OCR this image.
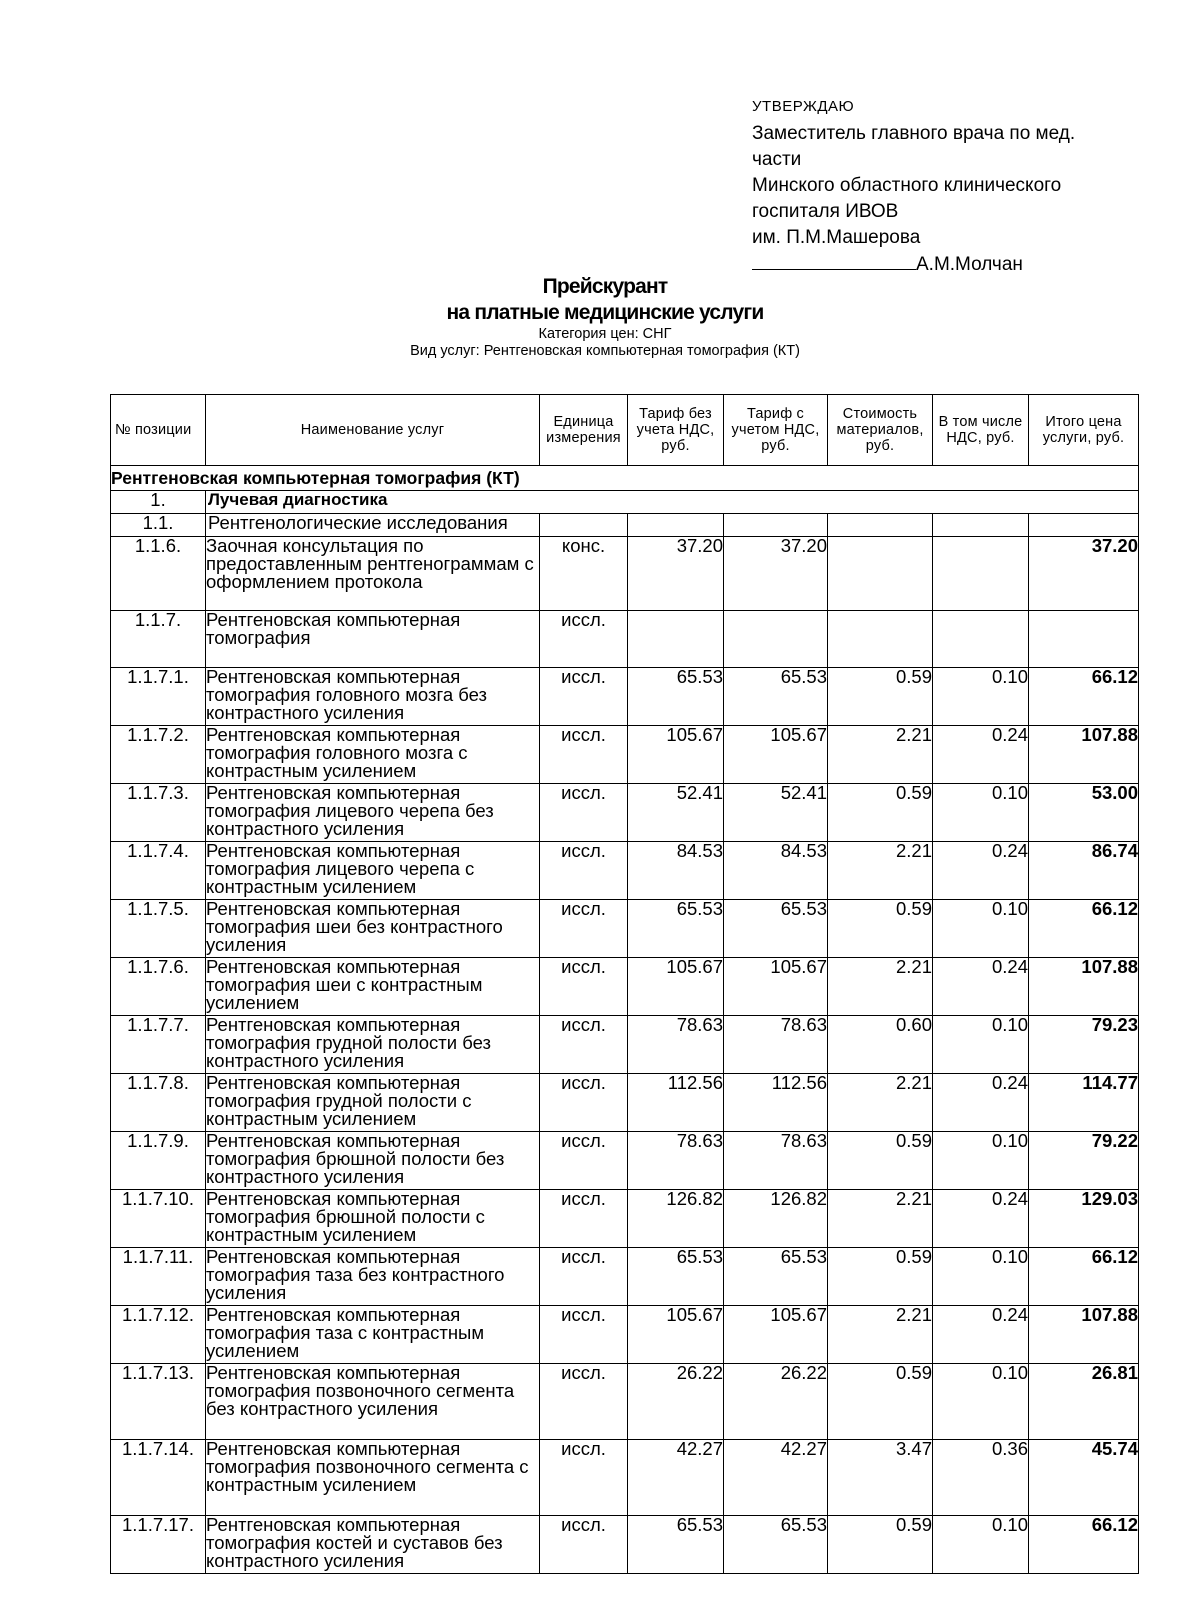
УТВЕРЖДАЮ
Заместитель главного врача по мед.
части
Минского областного клинического
госпиталя ИВОВ
им. П.М.Машерова
А.М.Молчан
Прейскурант
на платные медицинские услуги
Категория цен: СНГ
Вид услуг: Рентгеновская компьютерная томография (КТ)
№ позиции	Наименование услуг	Единица измерения	Тариф без учета НДС, руб.	Тариф с учетом НДС, руб.	Стоимость материалов, руб.	В том числе НДС, руб.	Итого цена услуги, руб.
Рентгеновская компьютерная томография (КТ)							
1.	Лучевая диагностика						
1.1.	Рентгенологические исследования						
1.1.6.	Заочная консультация по предоставленным рентгенограммам с оформлением протокола	конс.	37.20	37.20			37.20
1.1.7.	Рентгеновская компьютерная томография	иссл.					
1.1.7.1.	Рентгеновская компьютерная томография головного мозга без контрастного усиления	иссл.	65.53	65.53	0.59	0.10	66.12
1.1.7.2.	Рентгеновская компьютерная томография головного мозга с контрастным усилением	иссл.	105.67	105.67	2.21	0.24	107.88
1.1.7.3.	Рентгеновская компьютерная томография лицевого черепа без контрастного усиления	иссл.	52.41	52.41	0.59	0.10	53.00
1.1.7.4.	Рентгеновская компьютерная томография лицевого черепа с контрастным усилением	иссл.	84.53	84.53	2.21	0.24	86.74
1.1.7.5.	Рентгеновская компьютерная томография шеи без контрастного усиления	иссл.	65.53	65.53	0.59	0.10	66.12
1.1.7.6.	Рентгеновская компьютерная томография шеи с контрастным усилением	иссл.	105.67	105.67	2.21	0.24	107.88
1.1.7.7.	Рентгеновская компьютерная томография грудной полости без контрастного усиления	иссл.	78.63	78.63	0.60	0.10	79.23
1.1.7.8.	Рентгеновская компьютерная томография грудной полости с контрастным усилением	иссл.	112.56	112.56	2.21	0.24	114.77
1.1.7.9.	Рентгеновская компьютерная томография брюшной полости без контрастного усиления	иссл.	78.63	78.63	0.59	0.10	79.22
1.1.7.10.	Рентгеновская компьютерная томография брюшной полости с контрастным усилением	иссл.	126.82	126.82	2.21	0.24	129.03
1.1.7.11.	Рентгеновская компьютерная томография таза без контрастного усиления	иссл.	65.53	65.53	0.59	0.10	66.12
1.1.7.12.	Рентгеновская компьютерная томография таза с контрастным усилением	иссл.	105.67	105.67	2.21	0.24	107.88
1.1.7.13.	Рентгеновская компьютерная томография позвоночного сегмента без контрастного усиления	иссл.	26.22	26.22	0.59	0.10	26.81
1.1.7.14.	Рентгеновская компьютерная томография позвоночного сегмента с контрастным усилением	иссл.	42.27	42.27	3.47	0.36	45.74
1.1.7.17.	Рентгеновская компьютерная томография костей и суставов без контрастного усиления	иссл.	65.53	65.53	0.59	0.10	66.12
